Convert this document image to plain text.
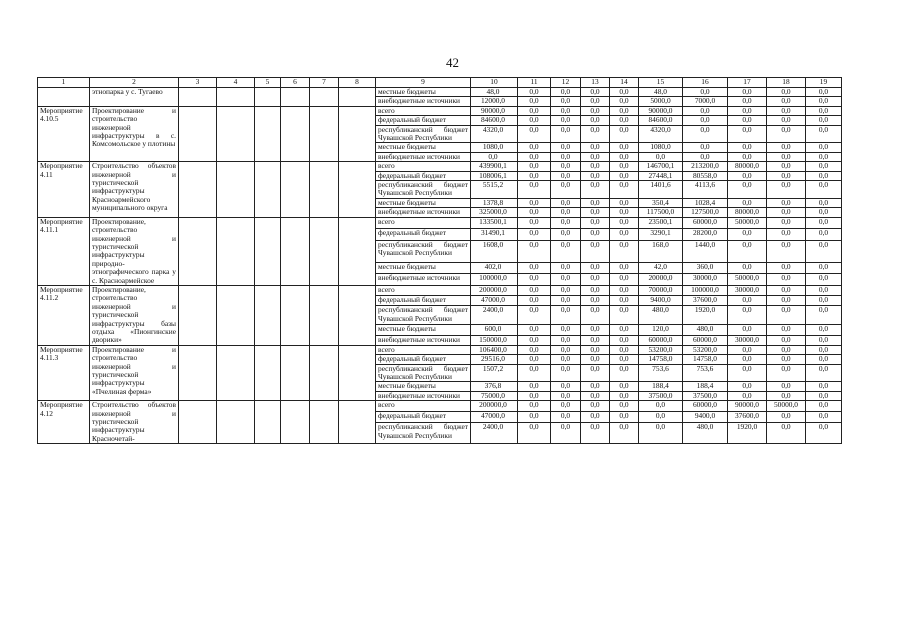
42
1	2	3	4	5	6	7	8	9	10	11	12	13	14	15	16	17	18	19
	этнопарка у с. Тугаево							местные бюджеты	48,0	0,0	0,0	0,0	0,0	48,0	0,0	0,0	0,0	0,0
								внебюджетные источники	12000,0	0,0	0,0	0,0	0,0	5000,0	7000,0	0,0	0,0	0,0
Мероприятие 4.10.5	Проектирование и строительство инженерной инфраструктуры в с. Комсомольское у плотины							всего	90000,0	0,0	0,0	0,0	0,0	90000,0	0,0	0,0	0,0	0,0
								федеральный бюджет	84600,0	0,0	0,0	0,0	0,0	84600,0	0,0	0,0	0,0	0,0
								республиканский бюджет Чувашской Республики	4320,0	0,0	0,0	0,0	0,0	4320,0	0,0	0,0	0,0	0,0
								местные бюджеты	1080,0	0,0	0,0	0,0	0,0	1080,0	0,0	0,0	0,0	0,0
								внебюджетные источники	0,0	0,0	0,0	0,0	0,0	0,0	0,0	0,0	0,0	0,0
Мероприятие 4.11	Строительство объектов инженерной и туристической инфраструктуры Красноармейского муниципального округа							всего	439900,1	0,0	0,0	0,0	0,0	146700,1	213200,0	80000,0	0,0	0,0
								федеральный бюджет	108006,1	0,0	0,0	0,0	0,0	27448,1	80558,0	0,0	0,0	0,0
								республиканский бюджет Чувашской Республики	5515,2	0,0	0,0	0,0	0,0	1401,6	4113,6	0,0	0,0	0,0
								местные бюджеты	1378,8	0,0	0,0	0,0	0,0	350,4	1028,4	0,0	0,0	0,0
								внебюджетные источники	325000,0	0,0	0,0	0,0	0,0	117500,0	127500,0	80000,0	0,0	0,0
Мероприятие 4.11.1	Проектирование, строительство инженерной и туристической инфраструктуры природно-этнографического парка у с. Красноармейское							всего	133500,1	0,0	0,0	0,0	0,0	23500,1	60000,0	50000,0	0,0	0,0
								федеральный бюджет	31490,1	0,0	0,0	0,0	0,0	3290,1	28200,0	0,0	0,0	0,0
								республиканский бюджет Чувашской Республики	1608,0	0,0	0,0	0,0	0,0	168,0	1440,0	0,0	0,0	0,0
								местные бюджеты	402,0	0,0	0,0	0,0	0,0	42,0	360,0	0,0	0,0	0,0
								внебюджетные источники	100000,0	0,0	0,0	0,0	0,0	20000,0	30000,0	50000,0	0,0	0,0
Мероприятие 4.11.2	Проектирование, строительство инженерной и туристической инфраструктуры базы отдыха «Пионгинские дворики»							всего	200000,0	0,0	0,0	0,0	0,0	70000,0	100000,0	30000,0	0,0	0,0
								федеральный бюджет	47000,0	0,0	0,0	0,0	0,0	9400,0	37600,0	0,0	0,0	0,0
								республиканский бюджет Чувашской Республики	2400,0	0,0	0,0	0,0	0,0	480,0	1920,0	0,0	0,0	0,0
								местные бюджеты	600,0	0,0	0,0	0,0	0,0	120,0	480,0	0,0	0,0	0,0
								внебюджетные источники	150000,0	0,0	0,0	0,0	0,0	60000,0	60000,0	30000,0	0,0	0,0
Мероприятие 4.11.3	Проектирование и строительство инженерной и туристической инфраструктуры «Пчелиная ферма»							всего	106400,0	0,0	0,0	0,0	0,0	53200,0	53200,0	0,0	0,0	0,0
								федеральный бюджет	29516,0	0,0	0,0	0,0	0,0	14758,0	14758,0	0,0	0,0	0,0
								республиканский бюджет Чувашской Республики	1507,2	0,0	0,0	0,0	0,0	753,6	753,6	0,0	0,0	0,0
								местные бюджеты	376,8	0,0	0,0	0,0	0,0	188,4	188,4	0,0	0,0	0,0
								внебюджетные источники	75000,0	0,0	0,0	0,0	0,0	37500,0	37500,0	0,0	0,0	0,0
Мероприятие 4.12	Строительство объектов инженерной и туристической инфраструктуры Красночетай-							всего	200000,0	0,0	0,0	0,0	0,0	0,0	60000,0	90000,0	50000,0	0,0
								федеральный бюджет	47000,0	0,0	0,0	0,0	0,0	0,0	9400,0	37600,0	0,0	0,0
								республиканский бюджет Чувашской Республики	2400,0	0,0	0,0	0,0	0,0	0,0	480,0	1920,0	0,0	0,0
